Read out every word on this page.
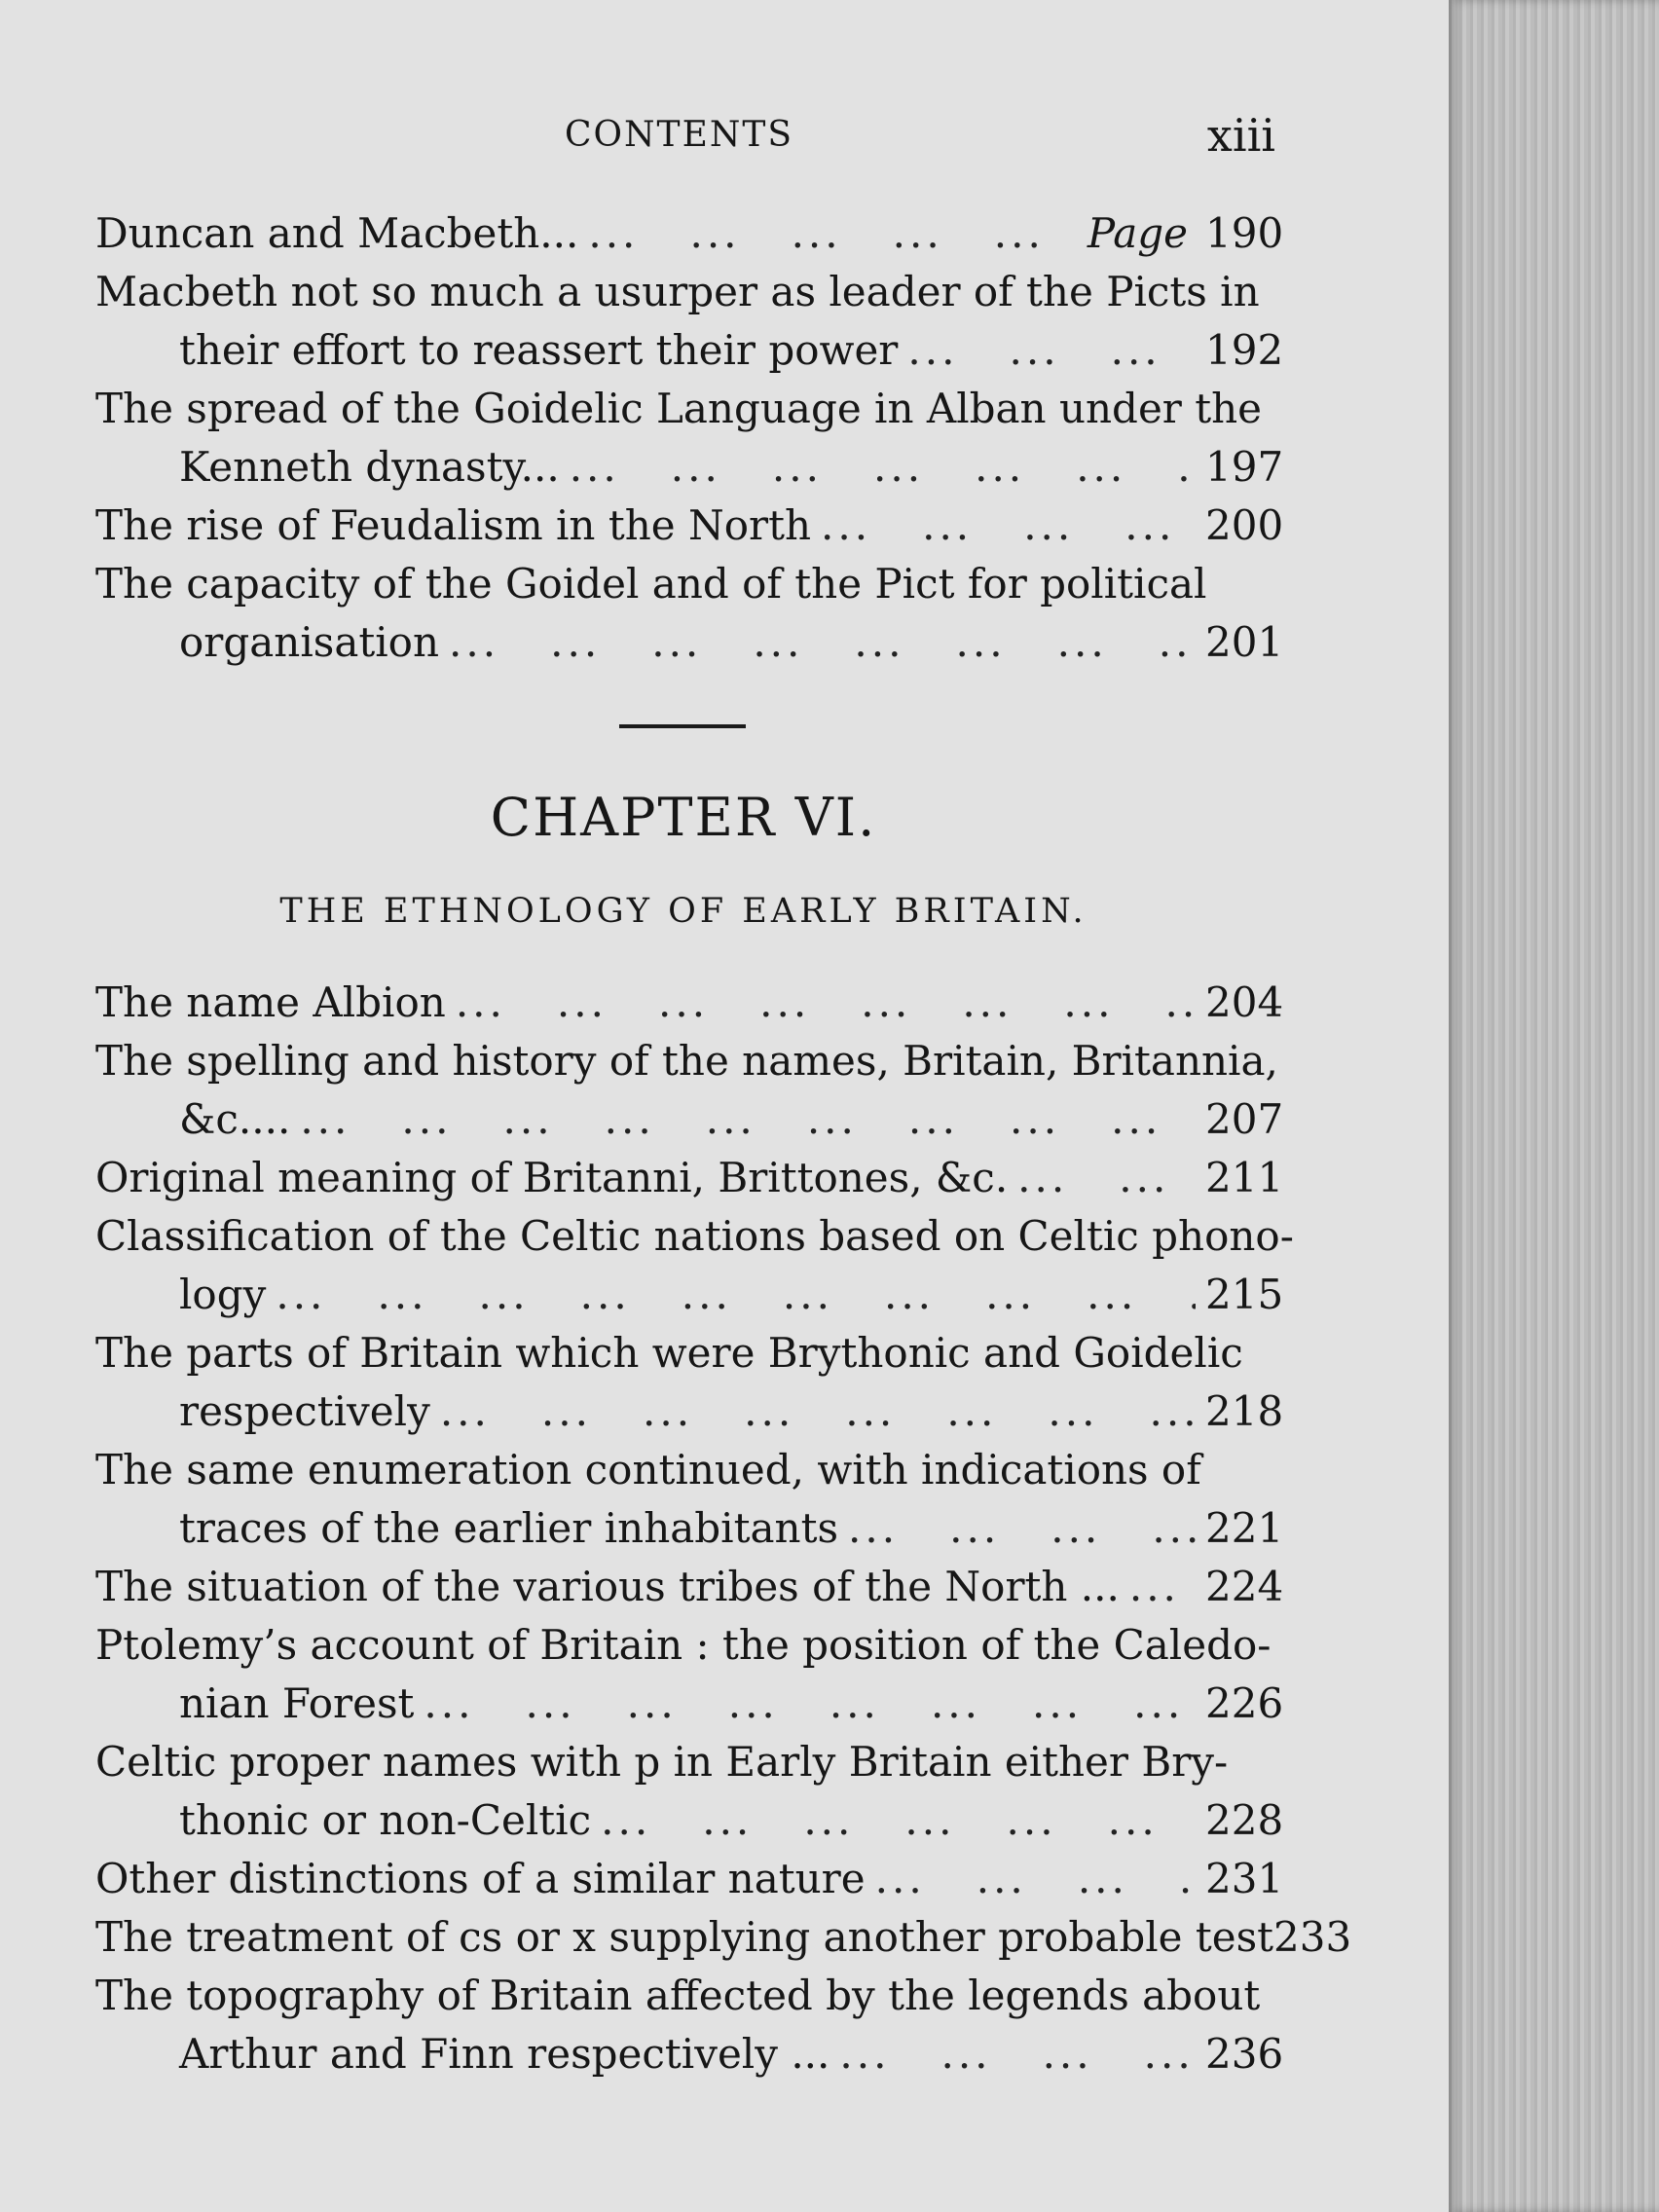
CONTENTS	xiii
Duncan and Macbeth... ...	Page 190
Macbeth not so much a usurper as leader of the Picts in
their effort to reassert their power ...	192
The spread of the Goidelic Language in Alban under the
Kenneth dynasty... ...	197
The rise of Feudalism in the North ...	200
The capacity of the Goidel and of the Pict for political
organisation ...	201
CHAPTER VI.
THE ETHNOLOGY OF EARLY BRITAIN.
The name Albion ...	204
The spelling and history of the names, Britain, Britannia,
&c.... ...	207
Original meaning of Britanni, Brittones, &c. ...	211
Classification of the Celtic nations based on Celtic phono-
logy ...	215
The parts of Britain which were Brythonic and Goidelic
respectively ...	218
The same enumeration continued, with indications of
traces of the earlier inhabitants ...	221
The situation of the various tribes of the North ... ... 224
Ptolemy’s account of Britain : the position of the Caledo-
nian Forest ...	226
Celtic proper names with p in Early Britain either Bry-
thonic or non-Celtic ...	228
Other distinctions of a similar nature ...	231
The treatment of cs or x supplying another probable test 233
The topography of Britain affected by the legends about
Arthur and Finn respectively ... ...	236
